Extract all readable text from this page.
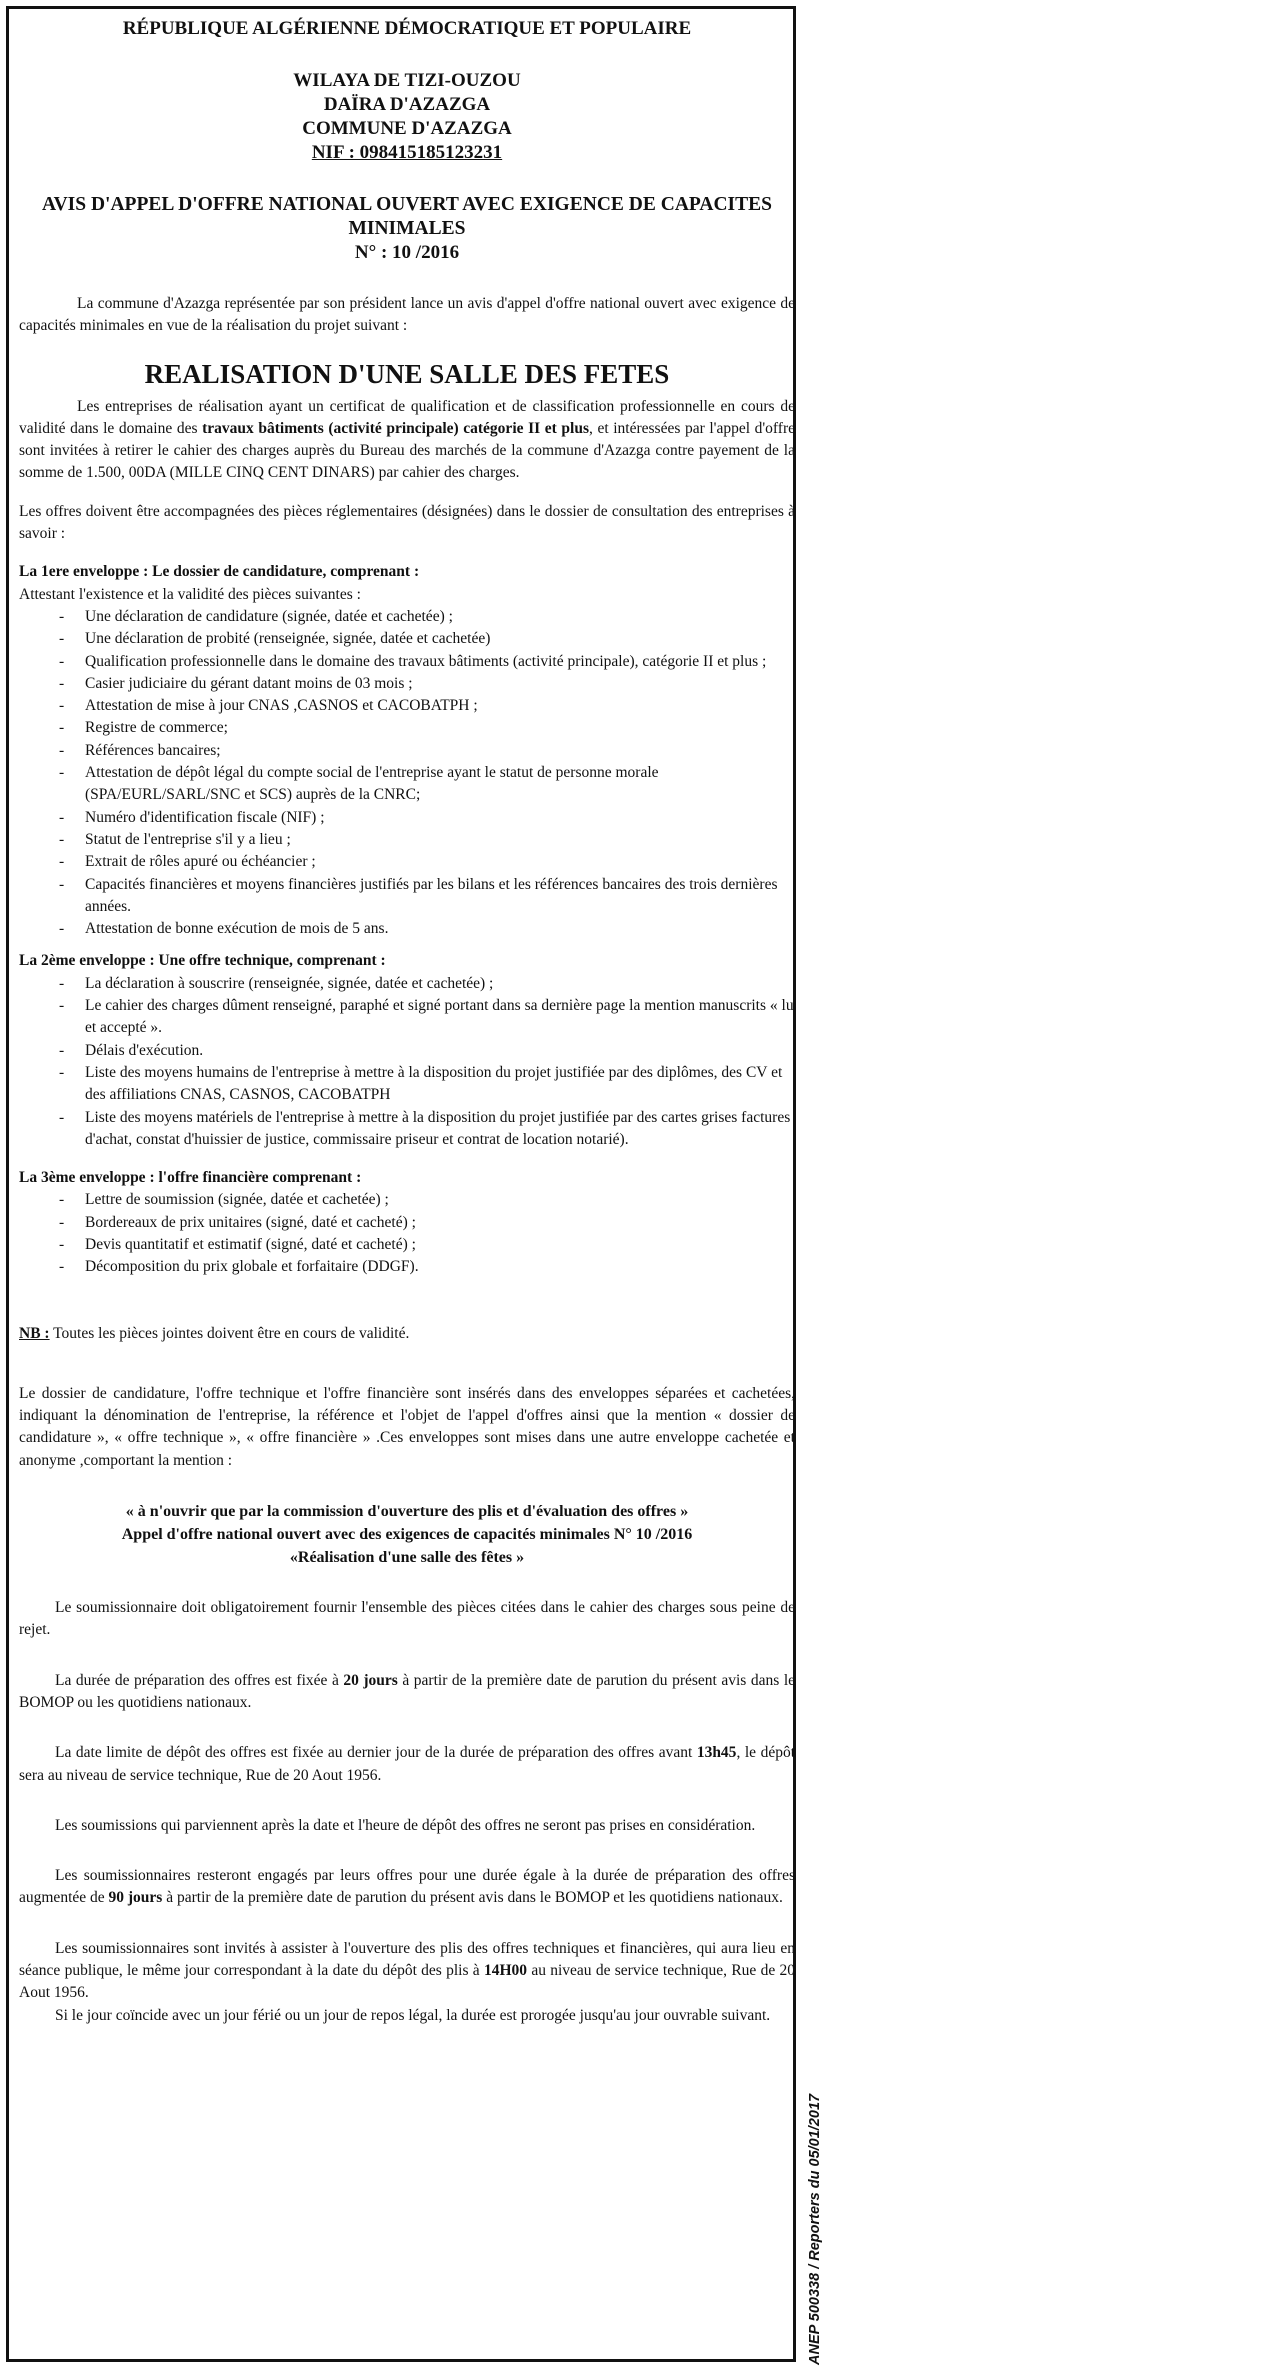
RÉPUBLIQUE ALGÉRIENNE DÉMOCRATIQUE ET POPULAIRE

WILAYA DE TIZI-OUZOU

DAÏRA D'AZAZGA

COMMUNE D'AZAZGA

NIF : 098415185123231

AVIS D'APPEL D'OFFRE NATIONAL OUVERT AVEC EXIGENCE DE CAPACITES MINIMALES

N° : 10 /2016

La commune d'Azazga représentée par son président lance un avis d'appel d'offre national ouvert avec exigence de capacités minimales en vue de la réalisation du projet suivant :

REALISATION D'UNE SALLE DES FETES

Les entreprises de réalisation ayant un certificat de qualification et de classification professionnelle en cours de validité dans le domaine des travaux bâtiments (activité principale) catégorie II et plus, et intéressées par l'appel d'offre sont invitées à retirer le cahier des charges auprès du Bureau des marchés de la commune d'Azazga contre payement de la somme de 1.500, 00DA (MILLE CINQ CENT DINARS) par cahier des charges.

Les offres doivent être accompagnées des pièces réglementaires (désignées) dans le dossier de consultation des entreprises à savoir :

La 1ere enveloppe : Le dossier de candidature, comprenant :

Attestant l'existence et la validité des pièces suivantes :

- Une déclaration de candidature (signée, datée et cachetée) ;
- Une déclaration de probité (renseignée, signée, datée et cachetée)
- Qualification professionnelle dans le domaine des travaux bâtiments (activité principale), catégorie II et plus ;
- Casier judiciaire du gérant datant moins de 03 mois ;
- Attestation de mise à jour CNAS ,CASNOS et CACOBATPH ;
- Registre de commerce;
- Références bancaires;
- Attestation de dépôt légal du compte social de l'entreprise ayant le statut de personne morale (SPA/EURL/SARL/SNC et SCS) auprès de la CNRC;
- Numéro d'identification fiscale (NIF) ;
- Statut de l'entreprise s'il y a lieu ;
- Extrait de rôles apuré ou échéancier ;
- Capacités financières et moyens financières justifiés par les bilans et les références bancaires des trois dernières années.
- Attestation de bonne exécution de mois de 5 ans.

La 2ème enveloppe : Une offre technique, comprenant :

- La déclaration à souscrire (renseignée, signée, datée et cachetée) ;
- Le cahier des charges dûment renseigné, paraphé et signé portant dans sa dernière page la mention manuscrits « lu et accepté ».
- Délais d'exécution.
- Liste des moyens humains de l'entreprise à mettre à la disposition du projet justifiée par des diplômes, des CV et des affiliations CNAS, CASNOS, CACOBATPH
- Liste des moyens matériels de l'entreprise à mettre à la disposition du projet justifiée par des cartes grises factures d'achat, constat d'huissier de justice, commissaire priseur et contrat de location notarié).

La 3ème enveloppe : l'offre financière comprenant :

- Lettre de soumission (signée, datée et cachetée) ;
- Bordereaux de prix unitaires (signé, daté et cacheté) ;
- Devis quantitatif et estimatif (signé, daté et cacheté) ;
- Décomposition du prix globale et forfaitaire (DDGF).

NB : Toutes les pièces jointes doivent être en cours de validité.

Le dossier de candidature, l'offre technique et l'offre financière sont insérés dans des enveloppes séparées et cachetées, indiquant la dénomination de l'entreprise, la référence et l'objet de l'appel d'offres ainsi que la mention « dossier de candidature », « offre technique », « offre financière » .Ces enveloppes sont mises dans une autre enveloppe cachetée et anonyme ,comportant la mention :

« à n'ouvrir que par la commission d'ouverture des plis et d'évaluation des offres »

Appel d'offre national ouvert avec des exigences de capacités minimales N° 10 /2016

«Réalisation d'une salle des fêtes »

Le soumissionnaire doit obligatoirement fournir l'ensemble des pièces citées dans le cahier des charges sous peine de rejet.

La durée de préparation des offres est fixée à 20 jours à partir de la première date de parution du présent avis dans le BOMOP ou les quotidiens nationaux.

La date limite de dépôt des offres est fixée au dernier jour de la durée de préparation des offres avant 13h45, le dépôt sera au niveau de service technique, Rue de 20 Aout 1956.

Les soumissions qui parviennent après la date et l'heure de dépôt des offres ne seront pas prises en considération.

Les soumissionnaires resteront engagés par leurs offres pour une durée égale à la durée de préparation des offres augmentée de 90 jours à partir de la première date de parution du présent avis dans le BOMOP et les quotidiens nationaux.

Les soumissionnaires sont invités à assister à l'ouverture des plis des offres techniques et financières, qui aura lieu en séance publique, le même jour correspondant à la date du dépôt des plis à 14H00 au niveau de service technique, Rue de 20 Aout 1956.

Si le jour coïncide avec un jour férié ou un jour de repos légal, la durée est prorogée jusqu'au jour ouvrable suivant.

ANEP 500338 / Reporters du 05/01/2017
